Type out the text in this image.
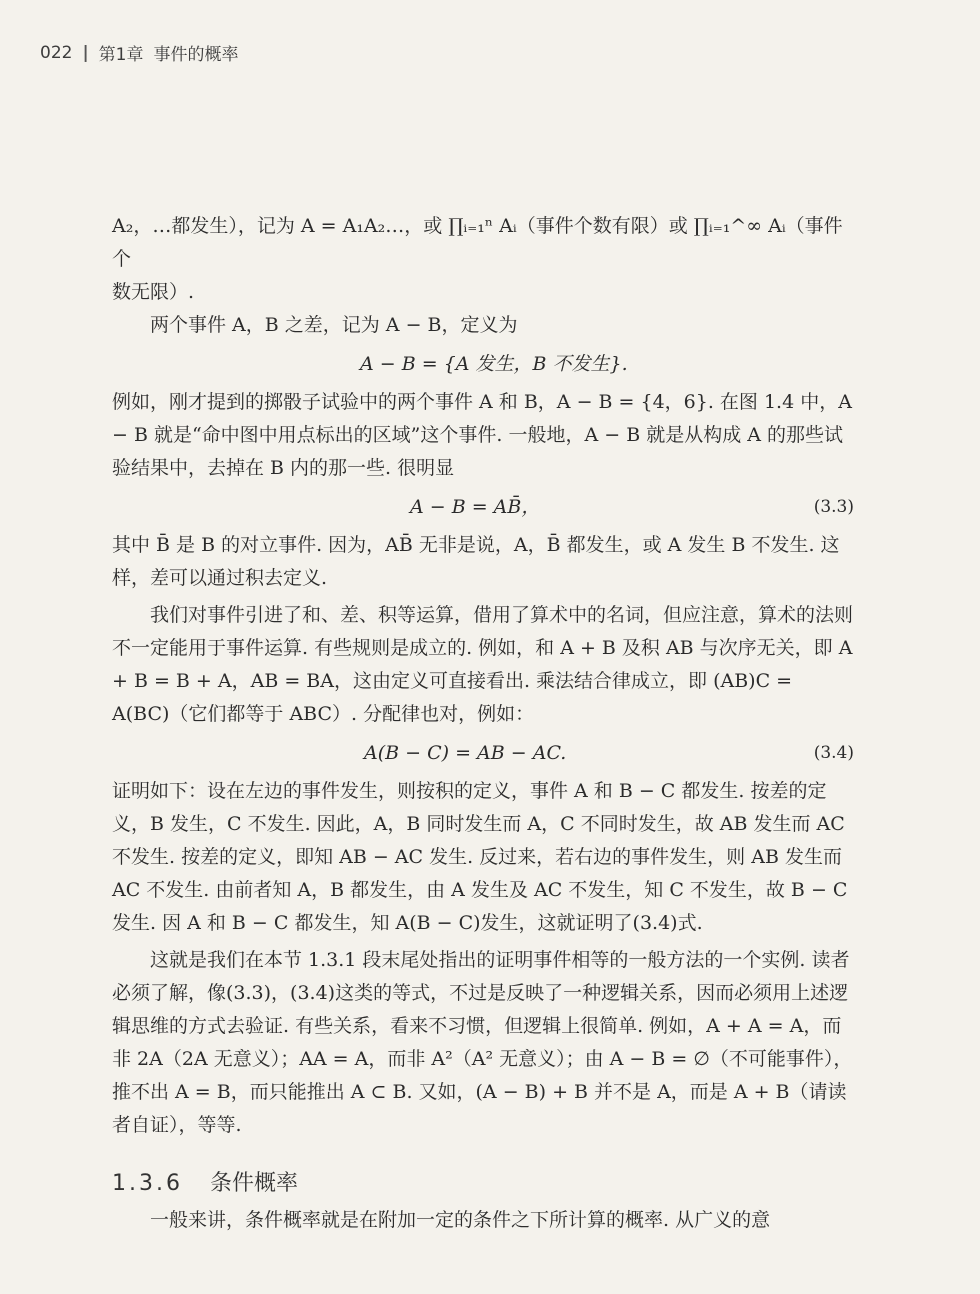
022 | 第1章 事件的概率

A₂，…都发生），记为 A = A₁A₂…，或 ∏ᵢ₌₁ⁿ Aᵢ（事件个数有限）或 ∏ᵢ₌₁^∞ Aᵢ（事件个

数无限）.

两个事件 A，B 之差，记为 A − B，定义为

A − B = {A 发生，B 不发生}.

例如，刚才提到的掷骰子试验中的两个事件 A 和 B，A − B = {4，6}. 在图 1.4 中，A − B 就是“命中图中用点标出的区域”这个事件. 一般地，A − B 就是从构成 A 的那些试验结果中，去掉在 B 内的那一些. 很明显

A − B = AB̄，	(3.3)

其中 B̄ 是 B 的对立事件. 因为，AB̄ 无非是说，A，B̄ 都发生，或 A 发生 B 不发生. 这样，差可以通过积去定义.

我们对事件引进了和、差、积等运算，借用了算术中的名词，但应注意，算术的法则不一定能用于事件运算. 有些规则是成立的. 例如，和 A + B 及积 AB 与次序无关，即 A + B = B + A，AB = BA，这由定义可直接看出. 乘法结合律成立，即 (AB)C = A(BC)（它们都等于 ABC）. 分配律也对，例如：

A(B − C) = AB − AC.	(3.4)

证明如下：设在左边的事件发生，则按积的定义，事件 A 和 B − C 都发生. 按差的定义，B 发生，C 不发生. 因此，A，B 同时发生而 A，C 不同时发生，故 AB 发生而 AC 不发生. 按差的定义，即知 AB − AC 发生. 反过来，若右边的事件发生，则 AB 发生而 AC 不发生. 由前者知 A，B 都发生，由 A 发生及 AC 不发生，知 C 不发生，故 B − C 发生. 因 A 和 B − C 都发生，知 A(B − C)发生，这就证明了(3.4)式.

这就是我们在本节 1.3.1 段末尾处指出的证明事件相等的一般方法的一个实例. 读者必须了解，像(3.3)，(3.4)这类的等式，不过是反映了一种逻辑关系，因而必须用上述逻辑思维的方式去验证. 有些关系，看来不习惯，但逻辑上很简单. 例如，A + A = A，而非 2A（2A 无意义）；AA = A，而非 A²（A² 无意义）；由 A − B = ∅（不可能事件），推不出 A = B，而只能推出 A ⊂ B. 又如，(A − B) + B 并不是 A，而是 A + B（请读者自证），等等.

1.3.6 条件概率

一般来讲，条件概率就是在附加一定的条件之下所计算的概率. 从广义的意
